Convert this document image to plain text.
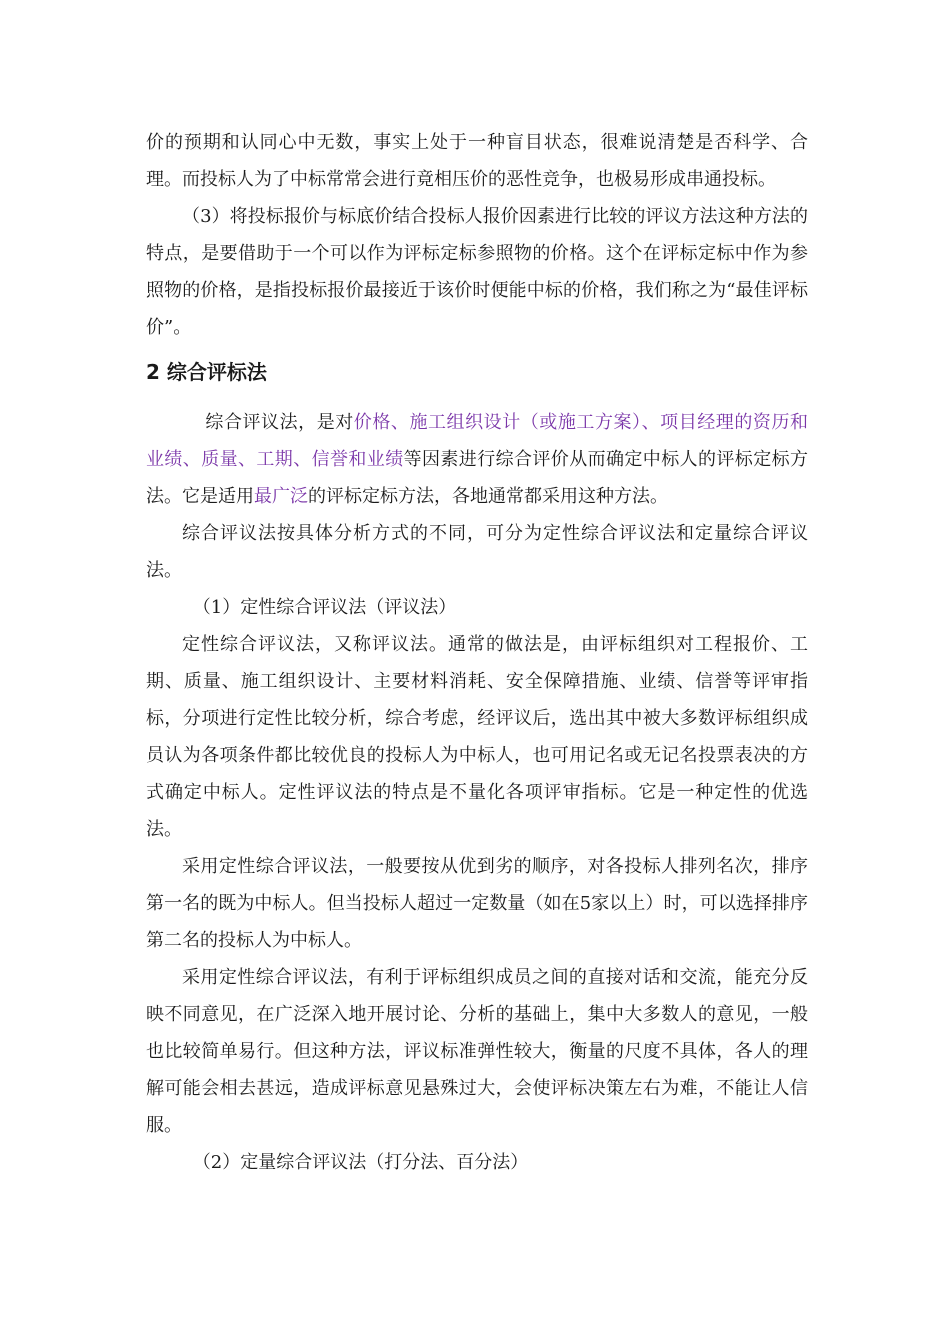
价的预期和认同心中无数，事实上处于一种盲目状态，很难说清楚是否科学、合理。而投标人为了中标常常会进行竟相压价的恶性竞争，也极易形成串通投标。

（3）将投标报价与标底价结合投标人报价因素进行比较的评议方法这种方法的特点，是要借助于一个可以作为评标定标参照物的价格。这个在评标定标中作为参照物的价格，是指投标报价最接近于该价时便能中标的价格，我们称之为“最佳评标价”。

2 综合评标法

综合评议法，是对价格、施工组织设计（或施工方案）、项目经理的资历和业绩、质量、工期、信誉和业绩等因素进行综合评价从而确定中标人的评标定标方法。它是适用最广泛的评标定标方法，各地通常都采用这种方法。

综合评议法按具体分析方式的不同，可分为定性综合评议法和定量综合评议法。

（1）定性综合评议法（评议法）

定性综合评议法，又称评议法。通常的做法是，由评标组织对工程报价、工期、质量、施工组织设计、主要材料消耗、安全保障措施、业绩、信誉等评审指标，分项进行定性比较分析，综合考虑，经评议后，选出其中被大多数评标组织成员认为各项条件都比较优良的投标人为中标人，也可用记名或无记名投票表决的方式确定中标人。定性评议法的特点是不量化各项评审指标。它是一种定性的优选法。

采用定性综合评议法，一般要按从优到劣的顺序，对各投标人排列名次，排序第一名的既为中标人。但当投标人超过一定数量（如在5家以上）时，可以选择排序第二名的投标人为中标人。

采用定性综合评议法，有利于评标组织成员之间的直接对话和交流，能充分反映不同意见，在广泛深入地开展讨论、分析的基础上，集中大多数人的意见，一般也比较简单易行。但这种方法，评议标准弹性较大，衡量的尺度不具体，各人的理解可能会相去甚远，造成评标意见悬殊过大，会使评标决策左右为难，不能让人信服。

（2）定量综合评议法（打分法、百分法）
